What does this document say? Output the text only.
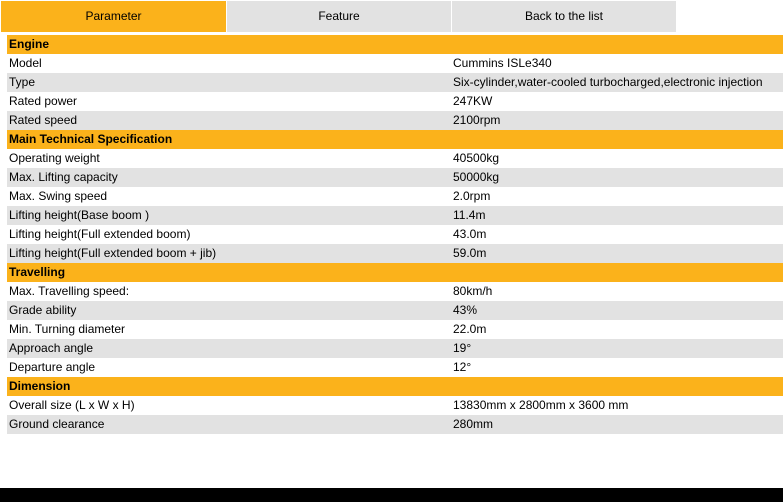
Parameter	Feature	Back to the list
Engine
Model	Cummins ISLe340
Type	Six-cylinder,water-cooled turbocharged,electronic injection
Rated power	247KW
Rated speed	2100rpm
Main Technical Specification
Operating weight	40500kg
Max. Lifting capacity	50000kg
Max. Swing speed	2.0rpm
Lifting height(Base boom )	11.4m
Lifting height(Full extended boom)	43.0m
Lifting height(Full extended boom + jib)	59.0m
Travelling
Max. Travelling speed:	80km/h
Grade ability	43%
Min. Turning diameter	22.0m
Approach angle	19°
Departure angle	12°
Dimension
Overall size (L x W x H)	13830mm x 2800mm x 3600 mm
Ground clearance	280mm
